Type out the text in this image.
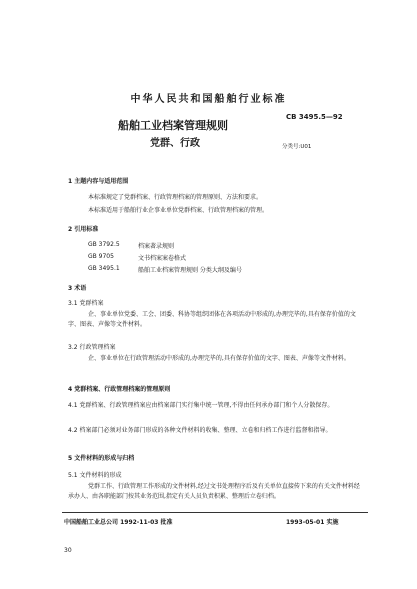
中华人民共和国船舶行业标准
CB 3495.5—92
船舶工业档案管理规则
党群、行政	分类号:U01
1 主题内容与适用范围
本标准规定了党群档案、行政管理档案的管理原则、方法和要求。
本标准适用于船舶行业企事业单位党群档案、行政管理档案的管理。
2 引用标准
GB 3792.5	档案著录规则
GB 9705	文书档案案卷格式
GB 3495.1	船舶工业档案管理规则 分类大纲及编号
3 术语
3.1 党群档案
企、事业单位党委、工会、团委、科协等组织团体在各项活动中形成的,办理完毕的,具有保存价值的文字、图表、声像等文件材料。
3.2 行政管理档案
企、事业单位在行政管理活动中形成的,办理完毕的,具有保存价值的文字、图表、声像等文件材料。
4 党群档案、行政管理档案的管理原则
4.1 党群档案、行政管理档案应由档案部门实行集中统一管理,不得由任何承办部门和个人分散保存。
4.2 档案部门必须对业务部门形成的各种文件材料的收集、整理、立卷和归档工作进行监督和指导。
5 文件材料的形成与归档
5.1 文件材料的形成
党群工作、行政管理工作形成的文件材料,经过文书处理程序后及有关单位直接传下来的有关文件材料经承办人、由各职能部门按其业务范围,指定有关人员负责积累、整理后立卷归档。
中国船舶工业总公司 1992-11-03 批准	1993-05-01 实施
30
